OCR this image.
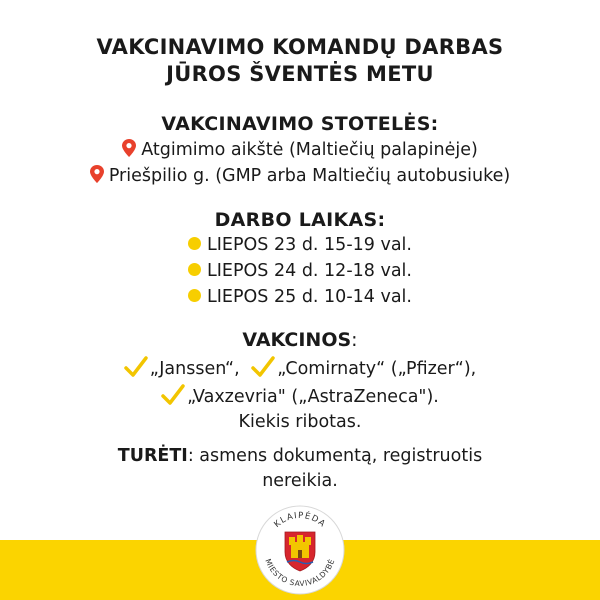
VAKCINAVIMO KOMANDŲ DARBAS
JŪROS ŠVENTĖS METU
VAKCINAVIMO STOTELĖS:
Atgimimo aikštė (Maltiečių palapinėje)
Priešpilio g. (GMP arba Maltiečių autobusiuke)
DARBO LAIKAS:
LIEPOS 23 d. 15-19 val.
LIEPOS 24 d. 12-18 val.
LIEPOS 25 d. 10-14 val.
VAKCINOS:
„Janssen“, „Comirnaty“ („Pfizer“),
„Vaxzevria" („AstraZeneca").
Kiekis ribotas.
TURĖTI: asmens dokumentą, registruotis
nereikia.
KLAIPĖDA
MIESTO SAVIVALDYBĖ
